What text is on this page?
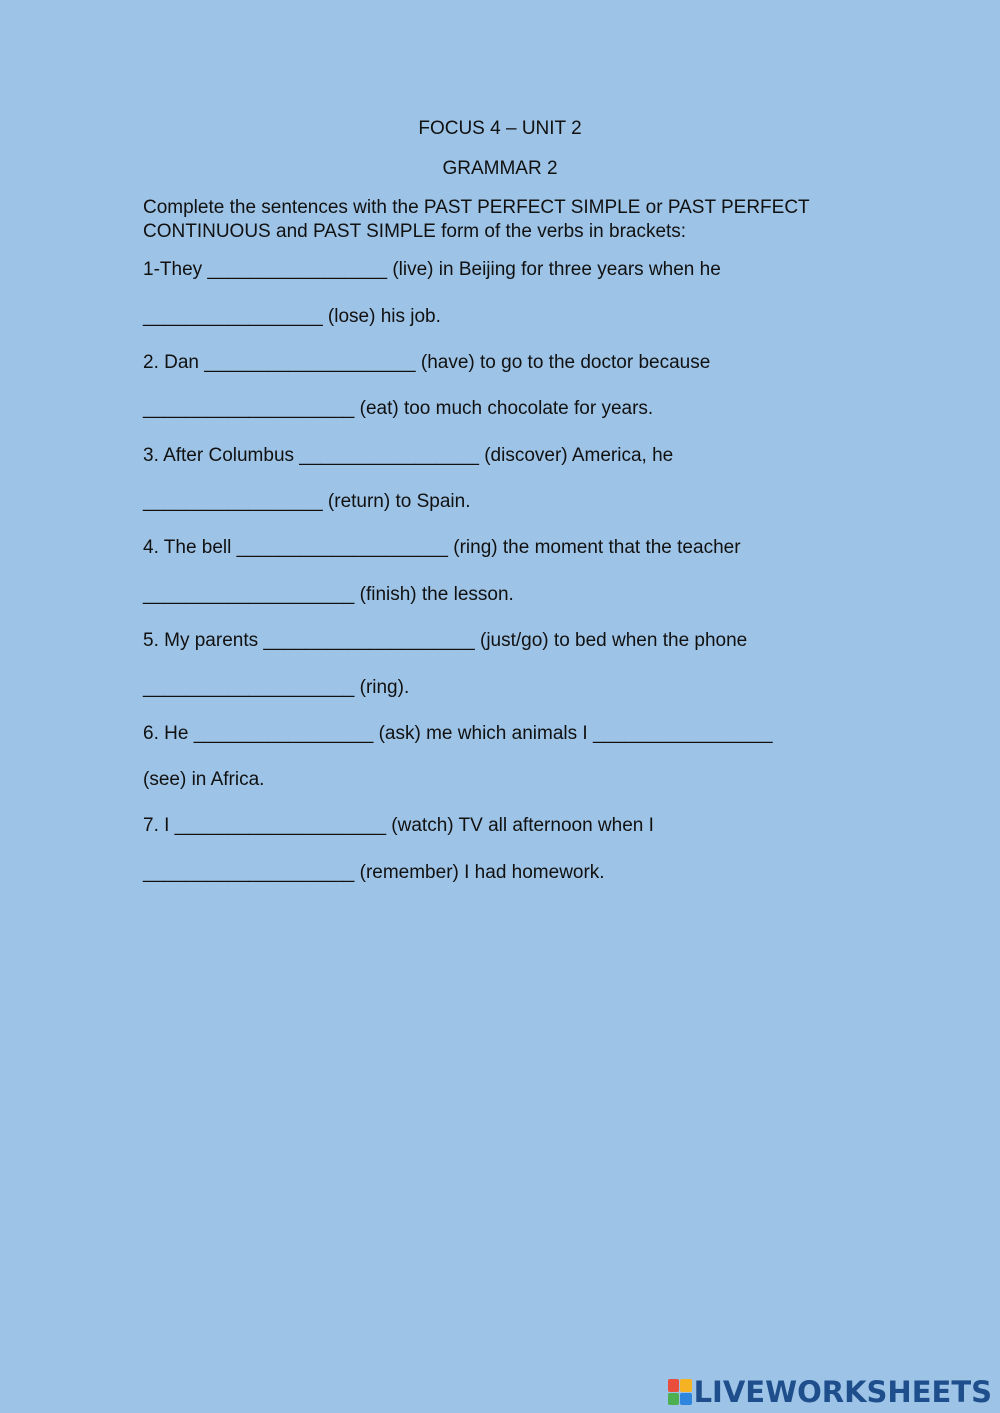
FOCUS 4 – UNIT 2
GRAMMAR 2
Complete the sentences with the PAST PERFECT SIMPLE or PAST PERFECT CONTINUOUS and PAST SIMPLE form of the verbs in brackets:
1-They _________________ (live) in Beijing for three years when he
_________________ (lose) his job.
2. Dan ____________________ (have) to go to the doctor because
____________________ (eat) too much chocolate for years.
3. After Columbus _________________ (discover) America, he
_________________ (return) to Spain.
4. The bell ____________________ (ring) the moment that the teacher
____________________ (finish) the lesson.
5. My parents ____________________ (just/go) to bed when the phone
____________________ (ring).
6. He _________________ (ask) me which animals I _________________
(see) in Africa.
7. I ____________________ (watch) TV all afternoon when I
____________________ (remember) I had homework.
LIVEWORKSHEETS
